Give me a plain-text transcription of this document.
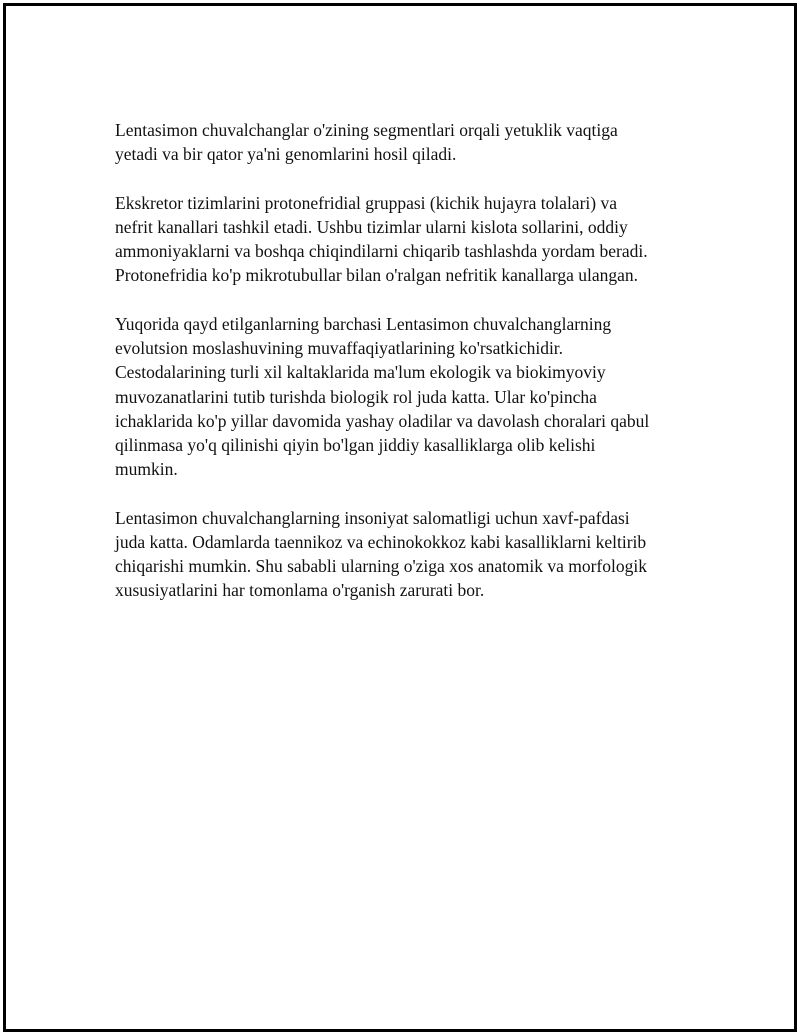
Lentasimon chuvalchanglar o'zining segmentlari orqali yetuklik vaqtiga
yetadi va bir qator ya'ni genomlarini hosil qiladi.

Ekskretor tizimlarini protonefridial gruppasi (kichik hujayra tolalari) va
nefrit kanallari tashkil etadi. Ushbu tizimlar ularni kislota sollarini, oddiy
ammoniyaklarni va boshqa chiqindilarni chiqarib tashlashda yordam beradi.
Protonefridia ko'p mikrotubullar bilan o'ralgan nefritik kanallarga ulangan.

Yuqorida qayd etilganlarning barchasi Lentasimon chuvalchanglarning
evolutsion moslashuvining muvaffaqiyatlarining ko'rsatkichidir.
Cestodalarining turli xil kaltaklarida ma'lum ekologik va biokimyoviy
muvozanatlarini tutib turishda biologik rol juda katta. Ular ko'pincha
ichaklarida ko'p yillar davomida yashay oladilar va davolash choralari qabul
qilinmasa yo'q qilinishi qiyin bo'lgan jiddiy kasalliklarga olib kelishi
mumkin.

Lentasimon chuvalchanglarning insoniyat salomatligi uchun xavf-pafdasi
juda katta. Odamlarda taennikoz va echinokokkoz kabi kasalliklarni keltirib
chiqarishi mumkin. Shu sababli ularning o'ziga xos anatomik va morfologik
xususiyatlarini har tomonlama o'rganish zarurati bor.
